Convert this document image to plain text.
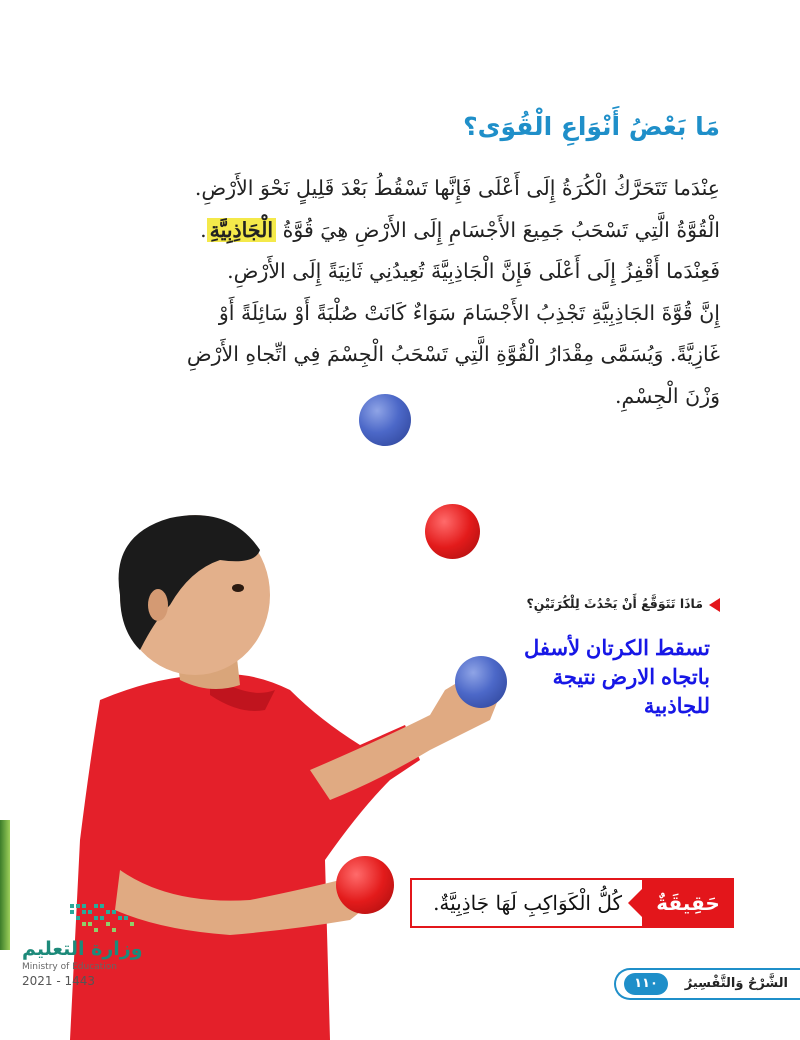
مَا بَعْضُ أَنْوَاعِ الْقُوَى؟
عِنْدَما تَتَحَرَّكُ الْكُرَةُ إِلَى أَعْلَى فَإِنَّها تَسْقُطُ بَعْدَ قَلِيلٍ نَحْوَ الأَرْضِ.
الْقُوَّةُ الَّتِي تَسْحَبُ جَمِيعَ الأَجْسَامِ إِلَى الأَرْضِ هِيَ قُوَّةُ الْجَاذِبِيَّةِ.
فَعِنْدَما أَقْفِزُ إِلَى أَعْلَى فَإِنَّ الْجَاذِبِيَّةَ تُعِيدُنِي ثَانِيَةً إِلَى الأَرْضِ.
إِنَّ قُوَّةَ الجَاذِبِيَّةِ تَجْذِبُ الأَجْسَامَ سَوَاءٌ كَانَتْ صُلْبَةً أَوْ سَائِلَةً أَوْ
غَازِيَّةً. وَيُسَمَّى مِقْدَارُ الْقُوَّةِ الَّتِي تَسْحَبُ الْجِسْمَ فِي اتِّجاهِ الأَرْضِ
وَزْنَ الْجِسْمِ.
مَاذَا تَتَوَقَّعُ أَنْ يَحْدُثَ لِلْكُرَتَيْنِ؟
تسقط الكرتان لأسفل
باتجاه الارض نتيجة
للجاذبية
حَقِيقَةٌ
كُلُّ الْكَوَاكِبِ لَهَا جَاذِبِيَّةٌ.
وزارة التعليم
Ministry of Education
2021 - 1443	١١٠	الشَّرْحُ وَالتَّفْسِيرُ
